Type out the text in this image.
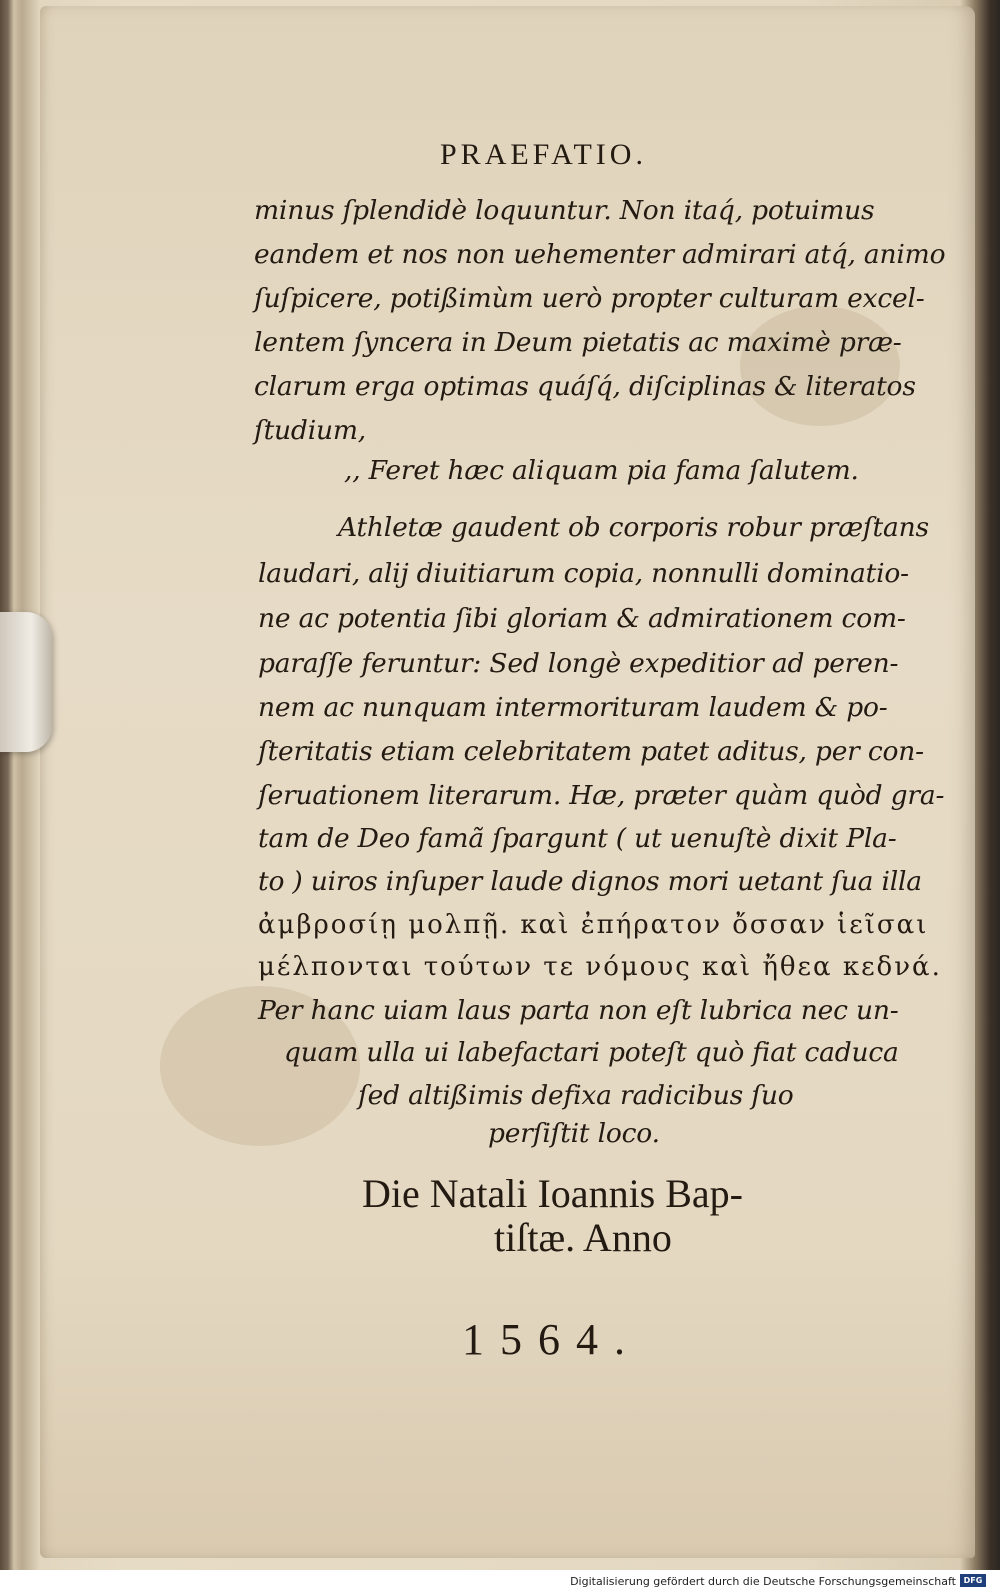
PRAEFATIO.
minus ſplendidè loquuntur. Non itaq́, potuimus
eandem et nos non uehementer admirari atq́, animo
ſuſpicere, potißimùm uerò propter culturam excel-
lentem ſyncera in Deum pietatis ac maximè præ-
clarum erga optimas quáſq́, diſciplinas & literatos
ſtudium,
,, Feret hæc aliquam pia fama ſalutem.
Athletæ gaudent ob corporis robur præſtans
laudari, alij diuitiarum copia, nonnulli dominatio-
ne ac potentia ſibi gloriam & admirationem com-
paraſſe feruntur: Sed longè expeditior ad peren-
nem ac nunquam intermorituram laudem & po-
ſteritatis etiam celebritatem patet aditus, per con-
ſeruationem literarum. Hæ, præter quàm quòd gra-
tam de Deo famã ſpargunt ( ut uenuſtè dixit Pla-
to ) uiros inſuper laude dignos mori uetant ſua illa
ἀμβροσίῃ μολπῇ. καὶ ἐπήρατον ὄσσαν ἱεῖσαι
μέλπονται τούτων τε νόμους καὶ ἤθεα κεδνά.
Per hanc uiam laus parta non eſt lubrica nec un-
quam ulla ui labefactari poteſt quò fiat caduca
ſed altißimis defixa radicibus ſuo
perſiſtit loco.
Die Natali Ioannis Bap-
tiſtæ. Anno
1564.
Digitalisierung gefördert durch die Deutsche Forschungsgemeinschaft DFG
